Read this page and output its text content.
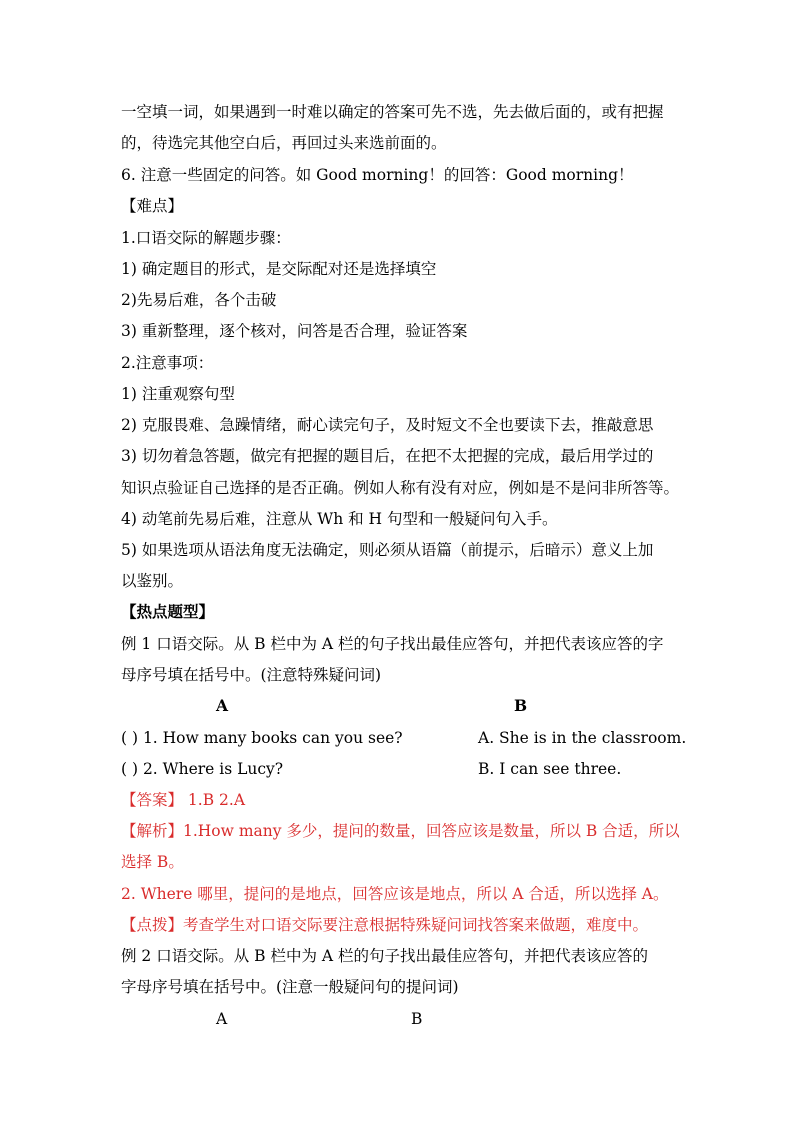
一空填一词，如果遇到一时难以确定的答案可先不选，先去做后面的，或有把握
的，待选完其他空白后，再回过头来选前面的。
6. 注意一些固定的问答。如 Good morning！的回答：Good morning！
【难点】
1.口语交际的解题步骤：
1) 确定题目的形式，是交际配对还是选择填空
2)先易后难，各个击破
3) 重新整理，逐个核对，问答是否合理，验证答案
2.注意事项：
1) 注重观察句型
2) 克服畏难、急躁情绪，耐心读完句子，及时短文不全也要读下去，推敲意思
3) 切勿着急答题，做完有把握的题目后，在把不太把握的完成，最后用学过的
知识点验证自己选择的是否正确。例如人称有没有对应，例如是不是问非所答等。
4) 动笔前先易后难，注意从 Wh 和 H 句型和一般疑问句入手。
5) 如果选项从语法角度无法确定，则必须从语篇（前提示，后暗示）意义上加
以鉴别。
【热点题型】
例 1 口语交际。从 B 栏中为 A 栏的句子找出最佳应答句，并把代表该应答的字
母序号填在括号中。(注意特殊疑问词)
A	B
( ) 1. How many books can you see?	A. She is in the classroom.
( ) 2. Where is Lucy?	B. I can see three.
【答案】 1.B 2.A
【解析】1.How many 多少，提问的数量，回答应该是数量，所以 B 合适，所以
选择 B。
2. Where 哪里，提问的是地点，回答应该是地点，所以 A 合适，所以选择 A。
【点拨】考查学生对口语交际要注意根据特殊疑问词找答案来做题，难度中。
例 2 口语交际。从 B 栏中为 A 栏的句子找出最佳应答句，并把代表该应答的
字母序号填在括号中。(注意一般疑问句的提问词)
A	B
